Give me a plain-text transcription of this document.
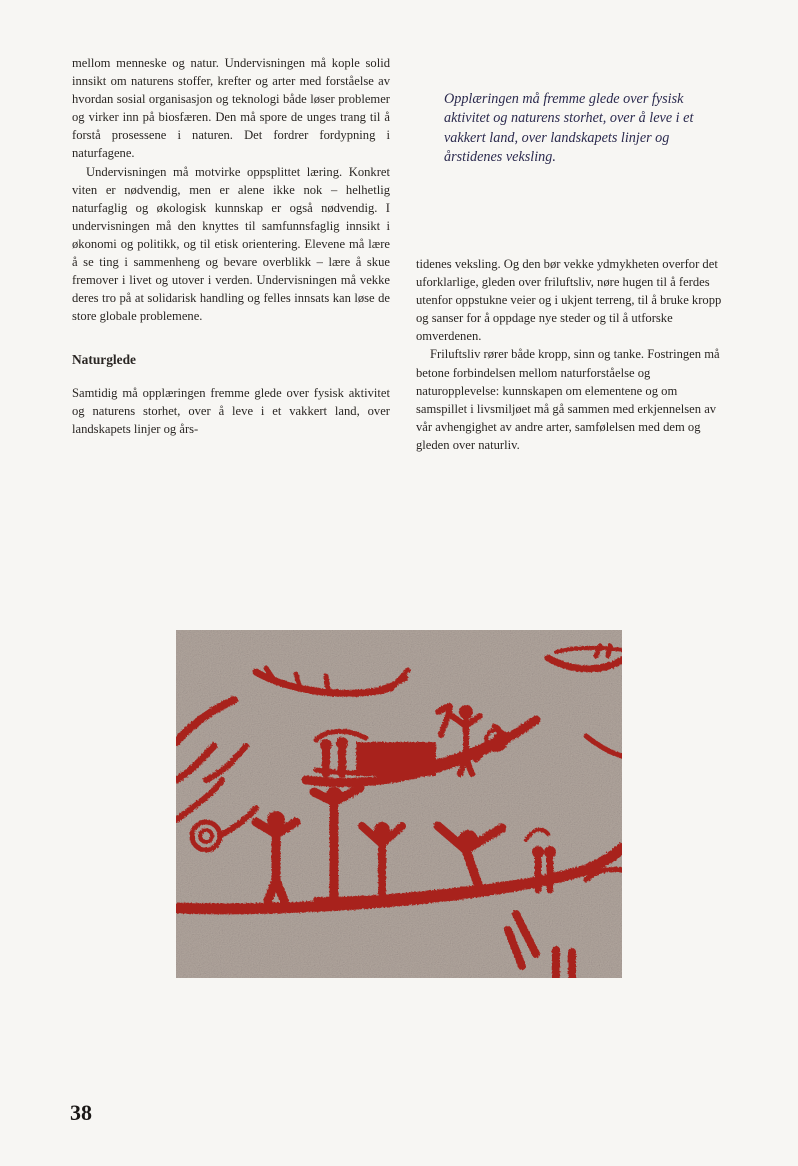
mellom menneske og natur. Undervisningen må kople solid innsikt om naturens stoffer, krefter og arter med forståelse av hvordan sosial organisasjon og teknologi både løser problemer og virker inn på biosfæren. Den må spore de unges trang til å forstå prosessene i naturen. Det fordrer fordypning i naturfagene.

Undervisningen må motvirke oppsplittet læring. Konkret viten er nødvendig, men er alene ikke nok – helhetlig naturfaglig og økologisk kunnskap er også nødvendig. I undervisningen må den knyttes til samfunnsfaglig innsikt i økonomi og politikk, og til etisk orientering. Elevene må lære å se ting i sammenheng og bevare overblikk – lære å skue fremover i livet og utover i verden. Undervisningen må vekke deres tro på at solidarisk handling og felles innsats kan løse de store globale problemene.

Naturglede

Samtidig må opplæringen fremme glede over fysisk aktivitet og naturens storhet, over å leve i et vakkert land, over landskapets linjer og års-

Opplæringen må fremme glede over fysisk aktivitet og naturens storhet, over å leve i et vakkert land, over landskapets linjer og årstidenes veksling.

tidenes veksling. Og den bør vekke ydmykheten overfor det uforklarlige, gleden over friluftsliv, nøre hugen til å ferdes utenfor oppstukne veier og i ukjent terreng, til å bruke kropp og sanser for å oppdage nye steder og til å utforske omverdenen.

Friluftsliv rører både kropp, sinn og tanke. Fostringen må betone forbindelsen mellom naturforståelse og naturopplevelse: kunnskapen om elementene og om samspillet i livsmiljøet må gå sammen med erkjennelsen av vår avhengighet av andre arter, samfølelsen med dem og gleden over naturliv.

38
